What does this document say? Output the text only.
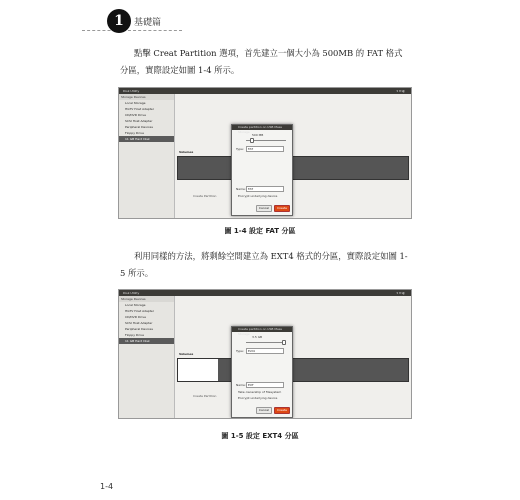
1	基礎篇
點擊 Creat Partition 選項，首先建立一個大小為 500MB 的 FAT 格式分區，實際設定如圖 1-4 所示。
Disk Utility	▾ ✉ ◐
Storage Devices
Local Storage
HGTV Host Adapter
CD/DVD Drive
SCSI Host Adapter
Peripheral Devices
Floppy Drive
11 GB Hard Disk
Volumes
Create Partition
Create partition on USB Mass Storage
500 MB
Type:	FAT
Name: FAT
Encrypt underlying device
Cancel	Create
圖 1-4 設定 FAT 分區
利用同樣的方法，將剩餘空間建立為 EXT4 格式的分區，實際設定如圖 1-5 所示。
Disk Utility	▾ ✉ ◐
Storage Devices
Local Storage
HGTV Host Adapter
CD/DVD Drive
SCSI Host Adapter
Peripheral Devices
Floppy Drive
11 GB Hard Disk
Volumes
Create Partition
Create partition on USB Mass Storage
3.5 GB
Type:	Ext4
Name: EXT
Take ownership of filesystem
Encrypt underlying device
Cancel	Create
圖 1-5 設定 EXT4 分區
1-4
